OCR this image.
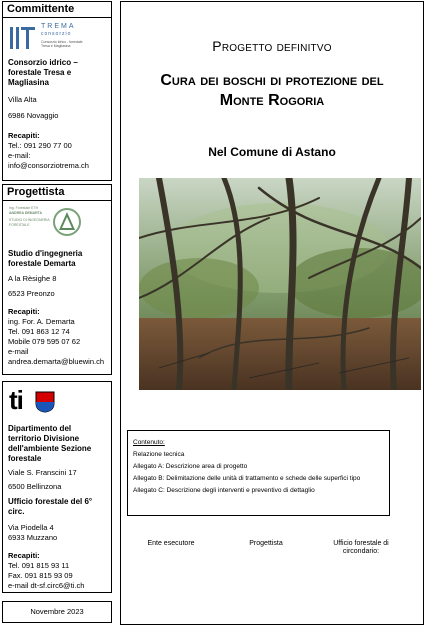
Committente
TREMA
consorzio
Consorzio idrico - forestale
Tresa e Magliasina
Consorzio idrico – forestale Tresa e Magliasina
Villa Alta
6986 Novaggio
Recapiti:
Tel.: 091 290 77 00
e-mail:
info@consorziotrema.ch
Progettista
ing. Forestale ETH
ANDREA DEMARTA
STUDIO DI INGEGNERIA FORESTALE
Studio d'ingegneria forestale Demarta
A la Rèsighe 8
6523 Preonzo
Recapiti:
ing. For. A. Demarta
Tel. 091 863 12 74
Mobile 079 595 07 62
e-mail
andrea.demarta@bluewin.ch
ti
Dipartimento del territorio Divisione dell'ambiente Sezione forestale
Viale S. Franscini 17
6500 Bellinzona
Ufficio forestale del 6° circ.
Via Piodella 4
6933 Muzzano
Recapiti:
Tel. 091 815 93 11
Fax. 091 815 93 09
e-mail dt-sf.circ6@ti.ch
Novembre 2023
Progetto definitvo
Cura dei boschi di protezione del
Monte Rogoria
Nel Comune di Astano
Contenuto:
Relazione tecnica
Allegato A: Descrizione area di progetto
Allegato B: Delimitazione delle unità di trattamento e schede delle superfici tipo
Allegato C: Descrizione degli interventi e preventivo di dettaglio
Ente esecutore	Progettista	Ufficio forestale di circondario:
